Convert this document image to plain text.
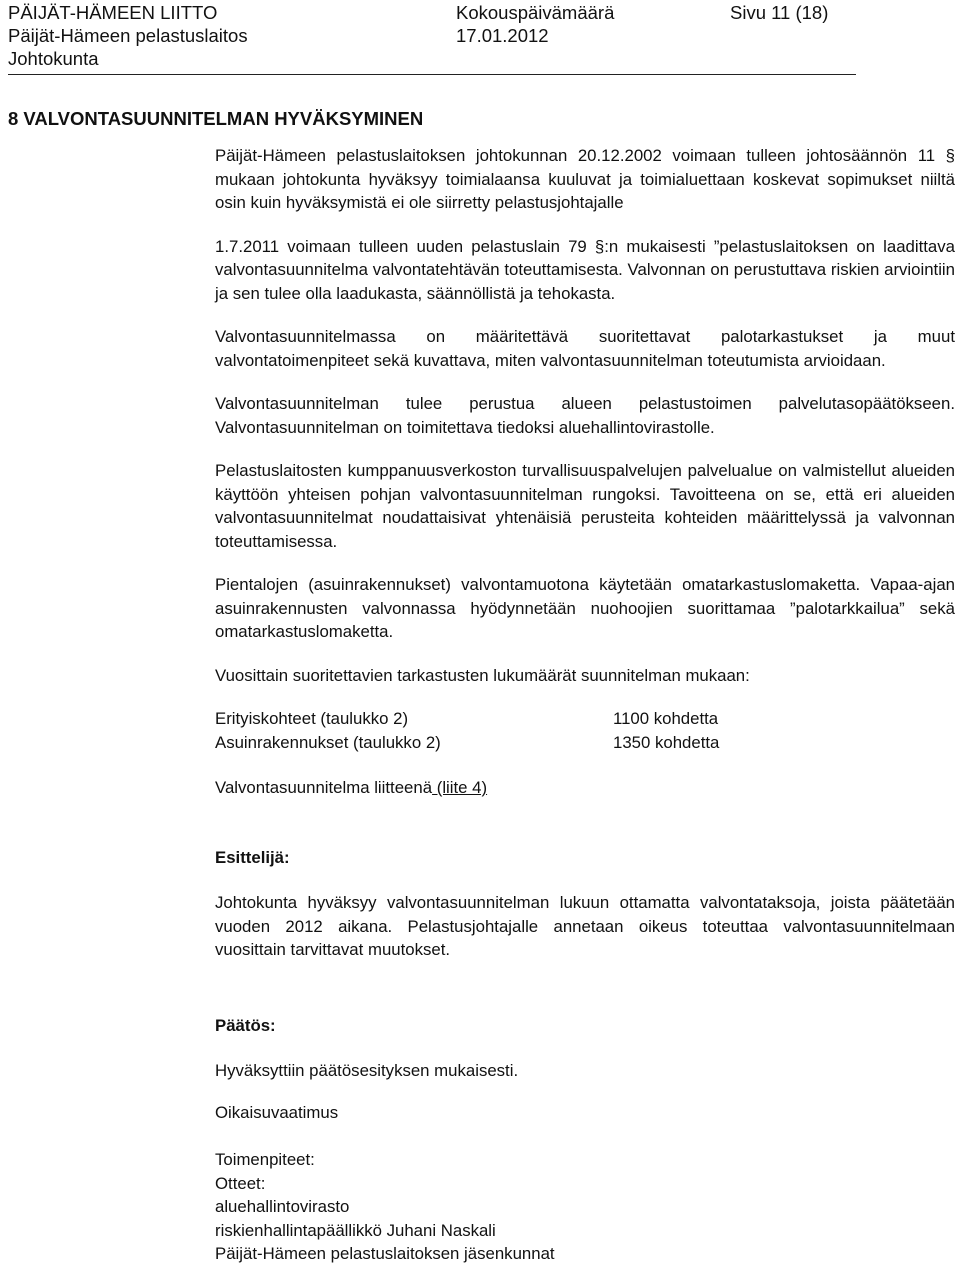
PÄIJÄT-HÄMEEN LIITTO	Kokouspäivämäärä	Sivu 11 (18)
Päijät-Hämeen pelastuslaitos	17.01.2012
Johtokunta
8 VALVONTASUUNNITELMAN HYVÄKSYMINEN

Päijät-Hämeen pelastuslaitoksen johtokunnan 20.12.2002 voimaan tulleen johtosäännön 11 § mukaan johtokunta hyväksyy toimialaansa kuuluvat ja toimialuettaan koskevat sopimukset niiltä osin kuin hyväksymistä ei ole siirretty pelastusjohtajalle

1.7.2011 voimaan tulleen uuden pelastuslain 79 §:n mukaisesti ”pelastuslaitoksen on laadittava valvontasuunnitelma valvontatehtävän toteuttamisesta. Valvonnan on perustuttava riskien arviointiin ja sen tulee olla laadukasta, säännöllistä ja tehokasta.

Valvontasuunnitelmassa on määritettävä suoritettavat palotarkastukset ja muut valvontatoimenpiteet sekä kuvattava, miten valvontasuunnitelman toteutumista arvioidaan.

Valvontasuunnitelman tulee perustua alueen pelastustoimen palvelutasopäätökseen. Valvontasuunnitelman on toimitettava tiedoksi aluehallintovirastolle.

Pelastuslaitosten kumppanuusverkoston turvallisuuspalvelujen palvelualue on valmistellut alueiden käyttöön yhteisen pohjan valvontasuunnitelman rungoksi. Tavoitteena on se, että eri alueiden valvontasuunnitelmat noudattaisivat yhtenäisiä perusteita kohteiden määrittelyssä ja valvonnan toteuttamisessa.

Pientalojen (asuinrakennukset) valvontamuotona käytetään omatarkastuslomaketta. Vapaa-ajan asuinrakennusten valvonnassa hyödynnetään nuohoojien suorittamaa ”palotarkkailua” sekä omatarkastuslomaketta.

Vuosittain suoritettavien tarkastusten lukumäärät suunnitelman mukaan:

Erityiskohteet (taulukko 2)	1100 kohdetta
Asuinrakennukset (taulukko 2)	1350 kohdetta
Valvontasuunnitelma liitteenä (liite 4)
Esittelijä:

Johtokunta hyväksyy valvontasuunnitelman lukuun ottamatta valvontataksoja, joista päätetään vuoden 2012 aikana. Pelastusjohtajalle annetaan oikeus toteuttaa valvontasuunnitelmaan vuosittain tarvittavat muutokset.

Päätös:
Hyväksyttiin päätösesityksen mukaisesti.
Oikaisuvaatimus
Toimenpiteet:
Otteet:
aluehallintovirasto
riskienhallintapäällikkö Juhani Naskali
Päijät-Hämeen pelastuslaitoksen jäsenkunnat
